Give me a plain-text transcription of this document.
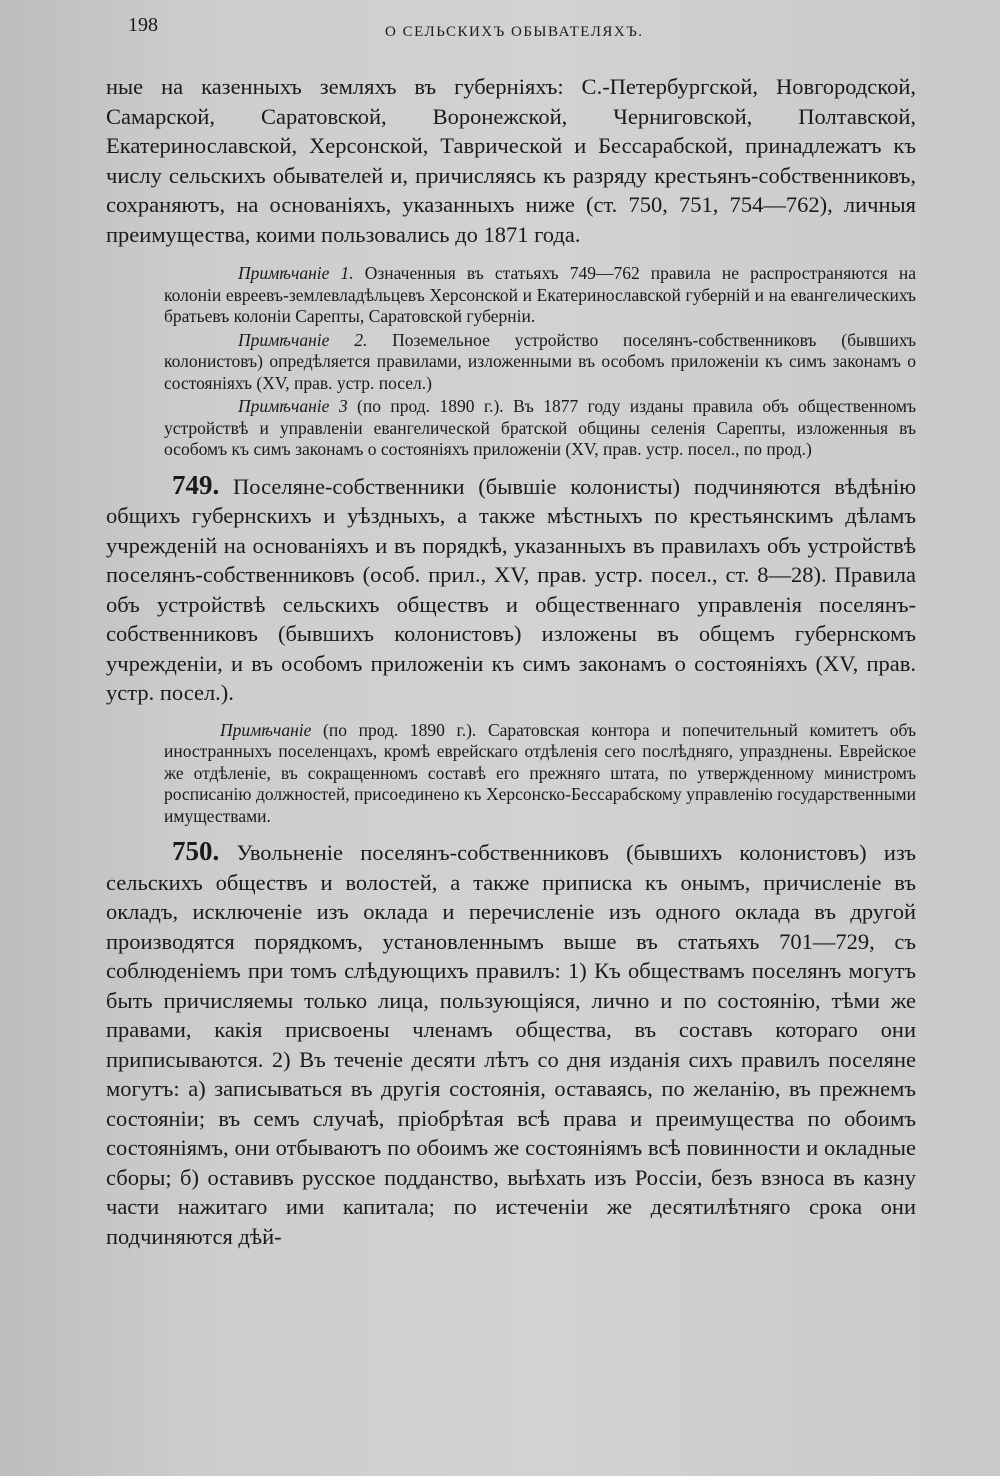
198	О СЕЛЬСКИХЪ ОБЫВАТЕЛЯХЪ.

ные на казенныхъ земляхъ въ губерніяхъ: С.-Петербургской, Новгородской, Самарской, Саратовской, Воронежской, Черниговской, Полтавской, Екатеринославской, Херсонской, Таврической и Бессарабской, принадлежатъ къ числу сельскихъ обывателей и, причисляясь къ разряду крестьянъ-собственниковъ, сохраняютъ, на основаніяхъ, указанныхъ ниже (ст. 750, 751, 754—762), личныя преимущества, коими пользовались до 1871 года.

Примѣчаніе 1. Означенныя въ статьяхъ 749—762 правила не распространяются на колоніи евреевъ-землевладѣльцевъ Херсонской и Екатеринославской губерній и на евангелическихъ братьевъ колоніи Сарепты, Саратовской губерніи.

Примѣчаніе 2. Поземельное устройство поселянъ-собственниковъ (бывшихъ колонистовъ) опредѣляется правилами, изложенными въ особомъ приложеніи къ симъ законамъ о состояніяхъ (XV, прав. устр. посел.)

Примѣчаніе 3 (по прод. 1890 г.). Въ 1877 году изданы правила объ общественномъ устройствѣ и управленіи евангелической братской общины селенія Сарепты, изложенныя въ особомъ къ симъ законамъ о состояніяхъ приложеніи (XV, прав. устр. посел., по прод.)

749. Поселяне-собственники (бывшіе колонисты) подчиняются вѣдѣнію общихъ губернскихъ и уѣздныхъ, а также мѣстныхъ по крестьянскимъ дѣламъ учрежденій на основаніяхъ и въ порядкѣ, указанныхъ въ правилахъ объ устройствѣ поселянъ-собственниковъ (особ. прил., XV, прав. устр. посел., ст. 8—28). Правила объ устройствѣ сельскихъ обществъ и общественнаго управленія поселянъ-собственниковъ (бывшихъ колонистовъ) изложены въ общемъ губернскомъ учрежденіи, и въ особомъ приложеніи къ симъ законамъ о состояніяхъ (XV, прав. устр. посел.).

Примѣчаніе (по прод. 1890 г.). Саратовская контора и попечительный комитетъ объ иностранныхъ поселенцахъ, кромѣ еврейскаго отдѣленія сего послѣдняго, упразднены. Еврейское же отдѣленіе, въ сокращенномъ составѣ его прежняго штата, по утвержденному министромъ росписанію должностей, присоединено къ Херсонско-Бессарабскому управленію государственными имуществами.

750. Увольненіе поселянъ-собственниковъ (бывшихъ колонистовъ) изъ сельскихъ обществъ и волостей, а также приписка къ онымъ, причисленіе въ окладъ, исключеніе изъ оклада и перечисленіе изъ одного оклада въ другой производятся порядкомъ, установленнымъ выше въ статьяхъ 701—729, съ соблюденіемъ при томъ слѣдующихъ правилъ: 1) Къ обществамъ поселянъ могутъ быть причисляемы только лица, пользующіяся, лично и по состоянію, тѣми же правами, какія присвоены членамъ общества, въ составъ котораго они приписываются. 2) Въ теченіе десяти лѣтъ со дня изданія сихъ правилъ поселяне могутъ: а) записываться въ другія состоянія, оставаясь, по желанію, въ прежнемъ состояніи; въ семъ случаѣ, пріобрѣтая всѣ права и преимущества по обоимъ состояніямъ, они отбываютъ по обоимъ же состояніямъ всѣ повинности и окладные сборы; б) оставивъ русское подданство, выѣхать изъ Россіи, безъ взноса въ казну части нажитаго ими капитала; по истеченіи же десятилѣтняго срока они подчиняются дѣй-
